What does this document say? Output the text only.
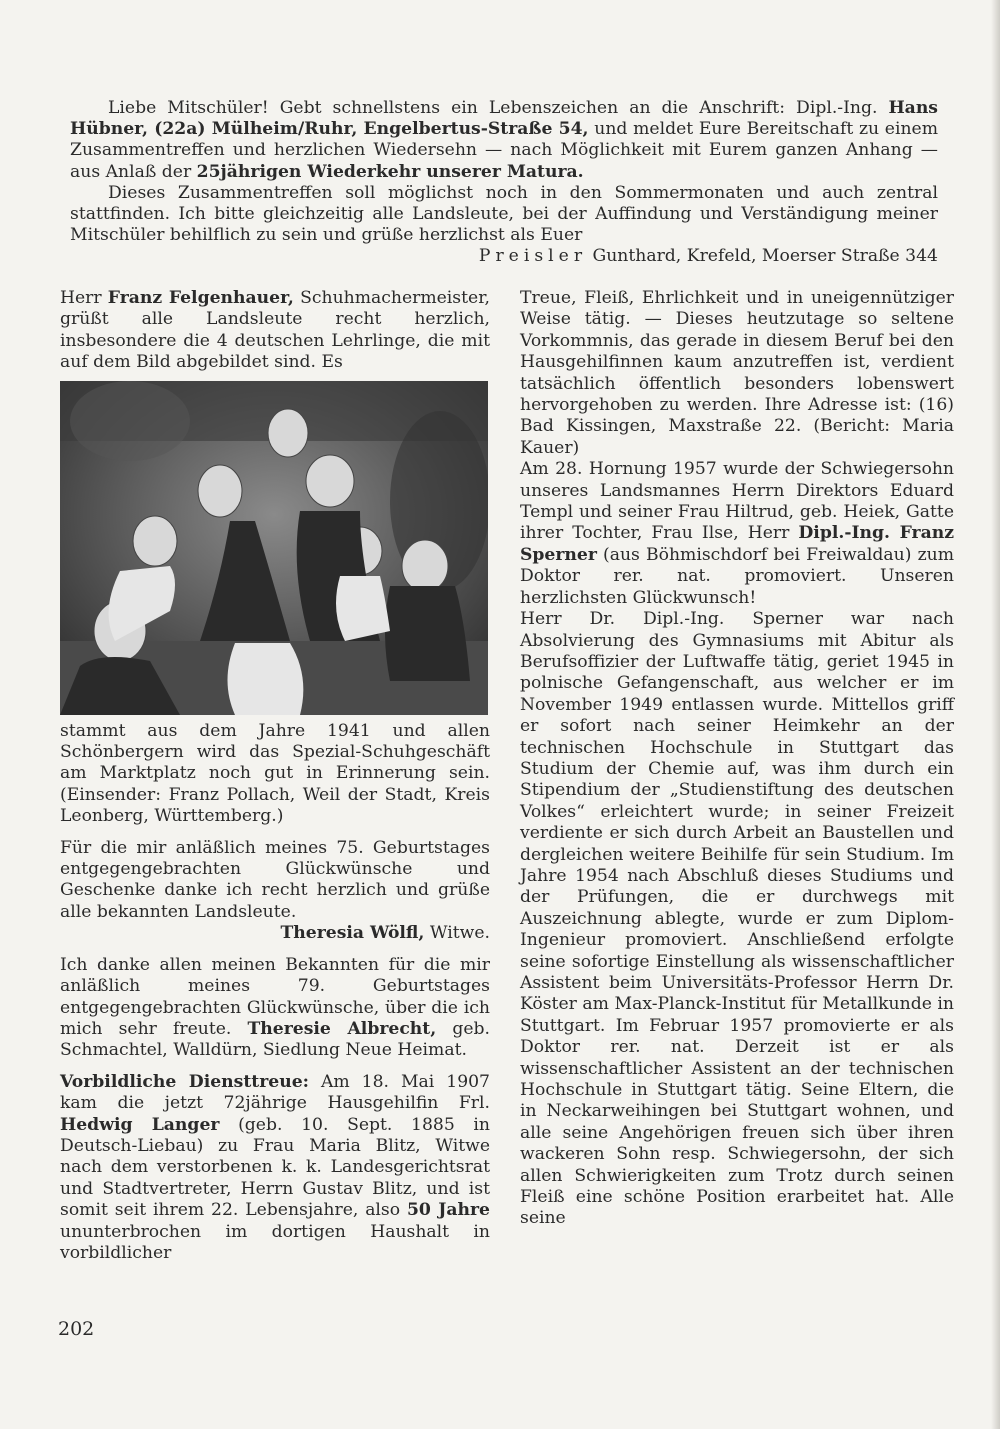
Liebe Mitschüler! Gebt schnellstens ein Lebenszeichen an die Anschrift: Dipl.-Ing. Hans Hübner, (22a) Mülheim/Ruhr, Engelbertus-Straße 54, und meldet Eure Bereitschaft zu einem Zusammentreffen und herzlichen Wiedersehn — nach Möglichkeit mit Eurem ganzen Anhang — aus Anlaß der 25jährigen Wiederkehr unserer Matura.

Dieses Zusammentreffen soll möglichst noch in den Sommermonaten und auch zentral stattfinden. Ich bitte gleichzeitig alle Landsleute, bei der Auffindung und Verständigung meiner Mitschüler behilflich zu sein und grüße herzlichst als Euer

Preisler Gunthard, Krefeld, Moerser Straße 344

Herr Franz Felgenhauer, Schuhmachermeister, grüßt alle Landsleute recht herzlich, insbesondere die 4 deutschen Lehrlinge, die mit auf dem Bild abgebildet sind. Es

stammt aus dem Jahre 1941 und allen Schönbergern wird das Spezial-Schuhgeschäft am Marktplatz noch gut in Erinnerung sein. (Einsender: Franz Pollach, Weil der Stadt, Kreis Leonberg, Württemberg.)

Für die mir anläßlich meines 75. Geburtstages entgegengebrachten Glückwünsche und Geschenke danke ich recht herzlich und grüße alle bekannten Landsleute.

Theresia Wölfl, Witwe.

Ich danke allen meinen Bekannten für die mir anläßlich meines 79. Geburtstages entgegengebrachten Glückwünsche, über die ich mich sehr freute. Theresie Albrecht, geb. Schmachtel, Walldürn, Siedlung Neue Heimat.

Vorbildliche Diensttreue: Am 18. Mai 1907 kam die jetzt 72jährige Hausgehilfin Frl. Hedwig Langer (geb. 10. Sept. 1885 in Deutsch-Liebau) zu Frau Maria Blitz, Witwe nach dem verstorbenen k. k. Landesgerichtsrat und Stadtvertreter, Herrn Gustav Blitz, und ist somit seit ihrem 22. Lebensjahre, also 50 Jahre ununterbrochen im dortigen Haushalt in vorbildlicher

Treue, Fleiß, Ehrlichkeit und in uneigennütziger Weise tätig. — Dieses heutzutage so seltene Vorkommnis, das gerade in diesem Beruf bei den Hausgehilfinnen kaum anzutreffen ist, verdient tatsächlich öffentlich besonders lobenswert hervorgehoben zu werden. Ihre Adresse ist: (16) Bad Kissingen, Maxstraße 22. (Bericht: Maria Kauer)

Am 28. Hornung 1957 wurde der Schwiegersohn unseres Landsmannes Herrn Direktors Eduard Templ und seiner Frau Hiltrud, geb. Heiek, Gatte ihrer Tochter, Frau Ilse, Herr Dipl.-Ing. Franz Sperner (aus Böhmischdorf bei Freiwaldau) zum Doktor rer. nat. promoviert. Unseren herzlichsten Glückwunsch!

Herr Dr. Dipl.-Ing. Sperner war nach Absolvierung des Gymnasiums mit Abitur als Berufsoffizier der Luftwaffe tätig, geriet 1945 in polnische Gefangenschaft, aus welcher er im November 1949 entlassen wurde. Mittellos griff er sofort nach seiner Heimkehr an der technischen Hochschule in Stuttgart das Studium der Chemie auf, was ihm durch ein Stipendium der „Studienstiftung des deutschen Volkes“ erleichtert wurde; in seiner Freizeit verdiente er sich durch Arbeit an Baustellen und dergleichen weitere Beihilfe für sein Studium. Im Jahre 1954 nach Abschluß dieses Studiums und der Prüfungen, die er durchwegs mit Auszeichnung ablegte, wurde er zum Diplom-Ingenieur promoviert. Anschließend erfolgte seine sofortige Einstellung als wissenschaftlicher Assistent beim Universitäts-Professor Herrn Dr. Köster am Max-Planck-Institut für Metallkunde in Stuttgart. Im Februar 1957 promovierte er als Doktor rer. nat. Derzeit ist er als wissenschaftlicher Assistent an der technischen Hochschule in Stuttgart tätig. Seine Eltern, die in Neckarweihingen bei Stuttgart wohnen, und alle seine Angehörigen freuen sich über ihren wackeren Sohn resp. Schwiegersohn, der sich allen Schwierigkeiten zum Trotz durch seinen Fleiß eine schöne Position erarbeitet hat. Alle seine

202
